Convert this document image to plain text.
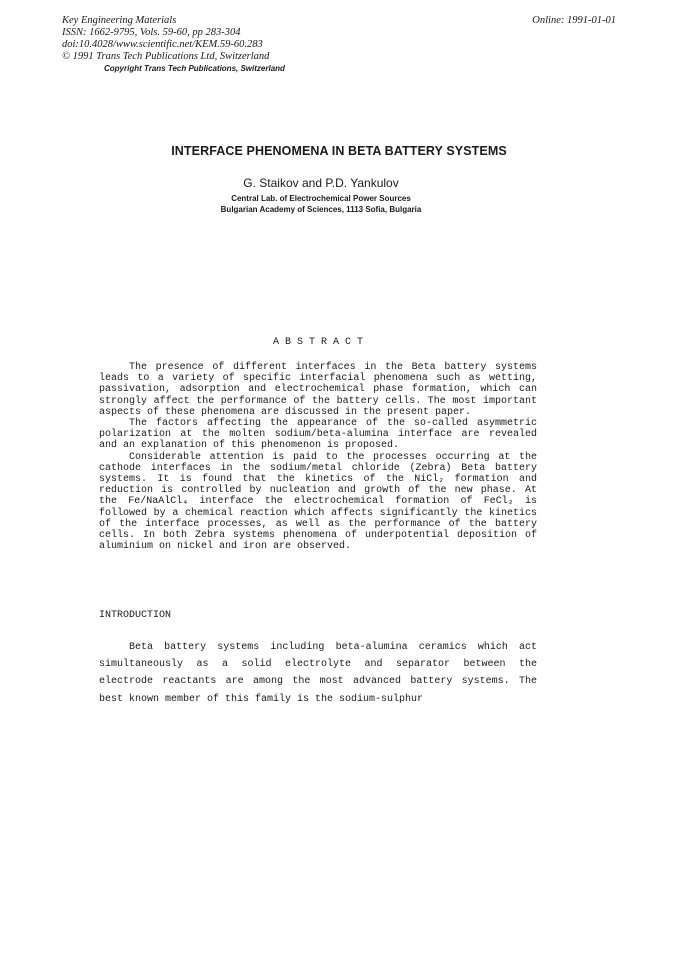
Key Engineering Materials
ISSN: 1662-9795, Vols. 59-60, pp 283-304
doi:10.4028/www.scientific.net/KEM.59-60.283
© 1991 Trans Tech Publications Ltd, Switzerland
Online: 1991-01-01
Copyright Trans Tech Publications, Switzerland
INTERFACE PHENOMENA IN BETA BATTERY SYSTEMS
G. Staikov and P.D. Yankulov
Central Lab. of Electrochemical Power Sources
Bulgarian Academy of Sciences, 1113 Sofia, Bulgaria
ABSTRACT

The presence of different interfaces in the Beta battery systems leads to a variety of specific interfacial phenomena such as wetting, passivation, adsorption and electrochemical phase formation, which can strongly affect the performance of the battery cells. The most important aspects of these phenomena are discussed in the present paper.

The factors affecting the appearance of the so-called asymmetric polarization at the molten sodium/beta-alumina interface are revealed and an explanation of this phenomenon is proposed.

Considerable attention is paid to the processes occurring at the cathode interfaces in the sodium/metal chloride (Zebra) Beta battery systems. It is found that the kinetics of the NiCl₂ formation and reduction is controlled by nucleation and growth of the new phase. At the Fe/NaAlCl₄ interface the electrochemical formation of FeCl₂ is followed by a chemical reaction which affects significantly the kinetics of the interface processes, as well as the performance of the battery cells. In both Zebra systems phenomena of underpotential deposition of aluminium on nickel and iron are observed.

INTRODUCTION

Beta battery systems including beta-alumina ceramics which act simultaneously as a solid electrolyte and separator between the electrode reactants are among the most advanced battery systems. The best known member of this family is the sodium-sulphur
